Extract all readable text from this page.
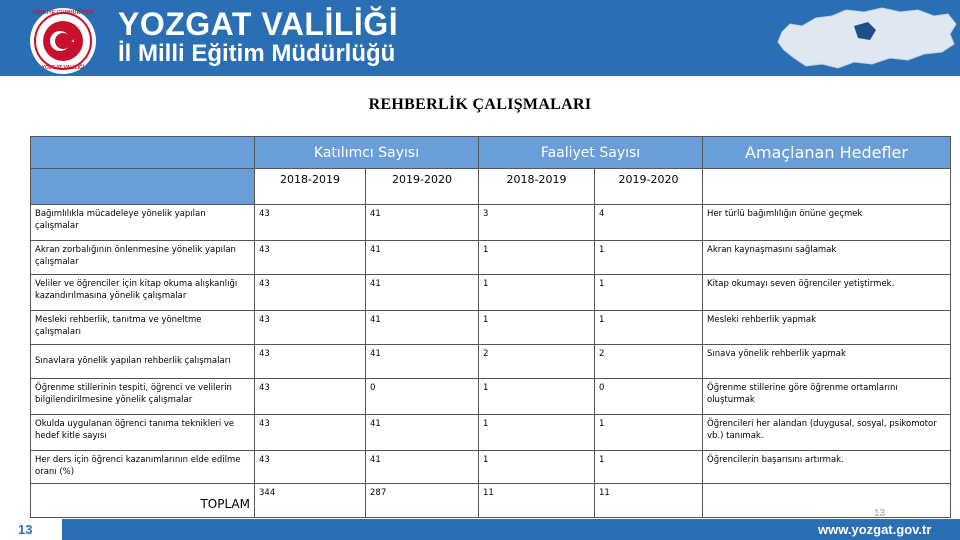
TÜRKİYE CUMHURİYETİ
YOZGAT VALİLİĞİ
YOZGAT VALİLİĞİ
İl Milli Eğitim Müdürlüğü
REHBERLİK ÇALIŞMALARI
	Katılımcı Sayısı		Faaliyet Sayısı		Amaçlanan Hedefler
	2018-2019	2019-2020	2018-2019	2019-2020	
Bağımlılıkla mücadeleye yönelik yapılan çalışmalar	43	41	3	4	Her türlü bağımlılığın önüne geçmek
Akran zorbalığının önlenmesine yönelik yapılan çalışmalar	43	41	1	1	Akran kaynaşmasını sağlamak
Veliler ve öğrenciler için kitap okuma alışkanlığı kazandırılmasına yönelik çalışmalar	43	41	1	1	Kitap okumayı seven öğrenciler yetiştirmek.
Mesleki rehberlik, tanıtma ve yöneltme çalışmaları	43	41	1	1	Mesleki rehberlik yapmak
Sınavlara yönelik yapılan rehberlik çalışmaları	43	41	2	2	Sınava yönelik rehberlik yapmak
Öğrenme stillerinin tespiti, öğrenci ve velilerin bilgilendirilmesine yönelik çalışmalar	43	0	1	0	Öğrenme stillerine göre öğrenme ortamlarını oluşturmak
Okulda uygulanan öğrenci tanıma teknikleri ve hedef kitle sayısı	43	41	1	1	Öğrencileri her alandan (duygusal, sosyal, psikomotor vb.) tanımak.
Her ders için öğrenci kazanımlarının elde edilme oranı (%)	43	41	1	1	Öğrencilerin başarısını artırmak.
TOPLAM	344	287	11	11	
13
13	www.yozgat.gov.tr
